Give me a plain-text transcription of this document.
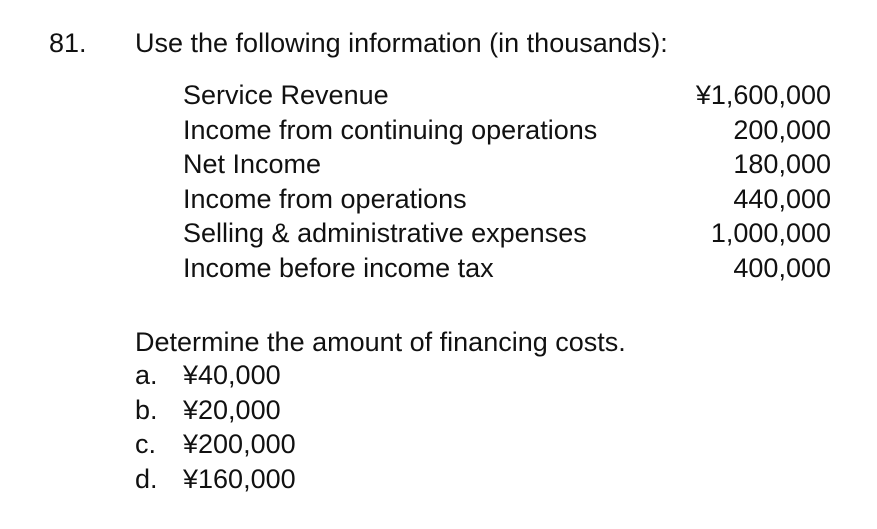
81. Use the following information (in thousands):
Service Revenue	¥1,600,000
Income from continuing operations	200,000
Net Income	180,000
Income from operations	440,000
Selling & administrative expenses	1,000,000
Income before income tax	400,000
Determine the amount of financing costs.
a. ¥40,000
b. ¥20,000
c. ¥200,000
d. ¥160,000
